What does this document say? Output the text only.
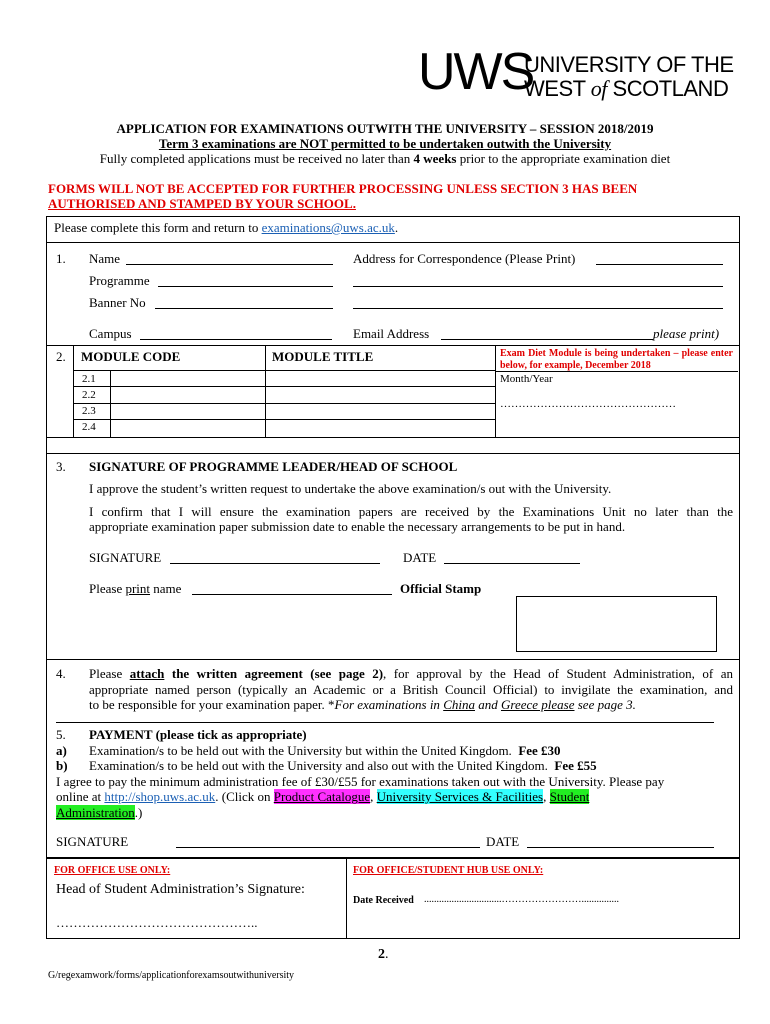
UWS
UNIVERSITY OF THE
WEST of SCOTLAND
APPLICATION FOR EXAMINATIONS OUTWITH THE UNIVERSITY – SESSION 2018/2019
Term 3 examinations are NOT permitted to be undertaken outwith the University
Fully completed applications must be received no later than 4 weeks prior to the appropriate examination diet
FORMS WILL NOT BE ACCEPTED FOR FURTHER PROCESSING UNLESS SECTION 3 HAS BEEN
AUTHORISED AND STAMPED BY YOUR SCHOOL.
Please complete this form and return to examinations@uws.ac.uk.
1. Name
Programme
Banner No
Campus
Address for Correspondence (Please Print)
Email Address	please print)
2. MODULE CODE	MODULE TITLE	Exam Diet Module is being undertaken – please enter below, for example, December 2018
2.1
2.2
2.3
2.4
Month/Year
…………………………………………
3. SIGNATURE OF PROGRAMME LEADER/HEAD OF SCHOOL
I approve the student’s written request to undertake the above examination/s out with the University.
I confirm that I will ensure the examination papers are received by the Examinations Unit no later than the
appropriate examination paper submission date to enable the necessary arrangements to be put in hand.
SIGNATURE	DATE
Please print name	Official Stamp
4. Please attach the written agreement (see page 2), for approval by the Head of Student Administration, of an
appropriate named person (typically an Academic or a British Council Official) to invigilate the examination, and
to be responsible for your examination paper. *For examinations in China and Greece please see page 3.
5. PAYMENT (please tick as appropriate)
a) Examination/s to be held out with the University but within the United Kingdom. Fee £30
b) Examination/s to be held out with the University and also out with the United Kingdom. Fee £55
I agree to pay the minimum administration fee of £30/£55 for examinations taken out with the University. Please pay
online at http://shop.uws.ac.uk. (Click on Product Catalogue, University Services & Facilities, Student
Administration.)
SIGNATURE	DATE
FOR OFFICE USE ONLY:
Head of Student Administration’s Signature:
………………………………………..
FOR OFFICE/STUDENT HUB USE ONLY:
Date Received ...............................……………………...............
2.
G/regexamwork/forms/applicationforexamsoutwithuniversity
